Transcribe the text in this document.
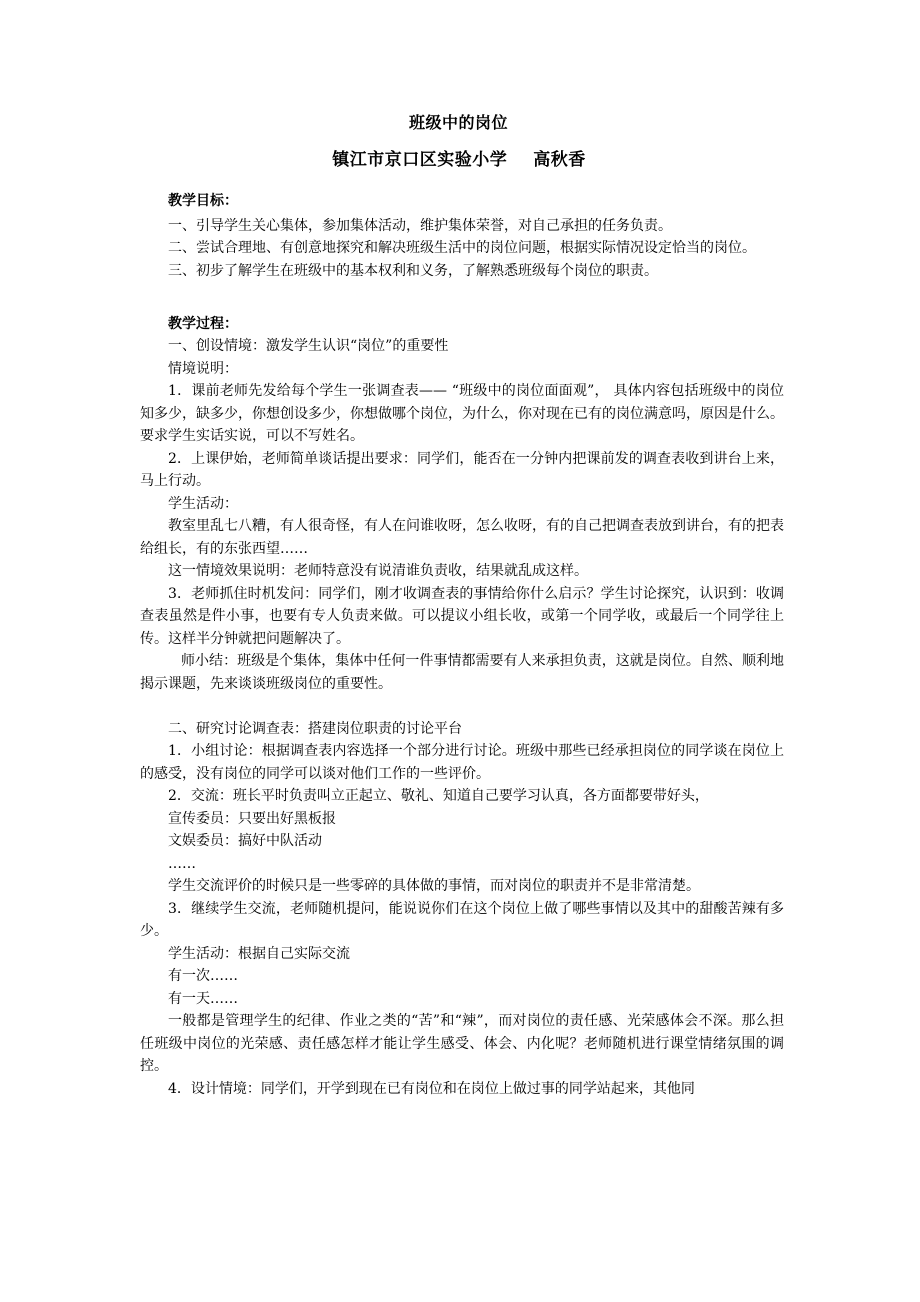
班级中的岗位
镇江市京口区实验小学 高秋香
教学目标：

一、引导学生关心集体，参加集体活动，维护集体荣誉，对自己承担的任务负责。

二、尝试合理地、有创意地探究和解决班级生活中的岗位问题，根据实际情况设定恰当的岗位。

三、初步了解学生在班级中的基本权利和义务，了解熟悉班级每个岗位的职责。

教学过程：

一、创设情境：激发学生认识“岗位”的重要性

情境说明：

1．课前老师先发给每个学生一张调查表—— “班级中的岗位面面观”， 具体内容包括班级中的岗位知多少，缺多少，你想创设多少，你想做哪个岗位，为什么，你对现在已有的岗位满意吗，原因是什么。要求学生实话实说，可以不写姓名。

2．上课伊始，老师简单谈话提出要求：同学们，能否在一分钟内把课前发的调查表收到讲台上来，马上行动。

学生活动：

教室里乱七八糟，有人很奇怪，有人在问谁收呀，怎么收呀，有的自己把调查表放到讲台，有的把表给组长，有的东张西望……

这一情境效果说明：老师特意没有说清谁负责收，结果就乱成这样。

3．老师抓住时机发问：同学们，刚才收调查表的事情给你什么启示？学生讨论探究，认识到：收调查表虽然是件小事，也要有专人负责来做。可以提议小组长收，或第一个同学收，或最后一个同学往上传。这样半分钟就把问题解决了。

师小结：班级是个集体，集体中任何一件事情都需要有人来承担负责，这就是岗位。自然、顺利地揭示课题，先来谈谈班级岗位的重要性。

二、研究讨论调查表：搭建岗位职责的讨论平台

1．小组讨论：根据调查表内容选择一个部分进行讨论。班级中那些已经承担岗位的同学谈在岗位上的感受，没有岗位的同学可以谈对他们工作的一些评价。

2．交流：班长平时负责叫立正起立、敬礼、知道自己要学习认真，各方面都要带好头，

宣传委员：只要出好黑板报

文娱委员：搞好中队活动

……

学生交流评价的时候只是一些零碎的具体做的事情，而对岗位的职责并不是非常清楚。

3．继续学生交流，老师随机提问，能说说你们在这个岗位上做了哪些事情以及其中的甜酸苦辣有多少。

学生活动：根据自己实际交流

有一次……

有一天……

一般都是管理学生的纪律、作业之类的“苦”和“辣”，而对岗位的责任感、光荣感体会不深。那么担任班级中岗位的光荣感、责任感怎样才能让学生感受、体会、内化呢？老师随机进行课堂情绪氛围的调控。

4．设计情境：同学们，开学到现在已有岗位和在岗位上做过事的同学站起来，其他同
